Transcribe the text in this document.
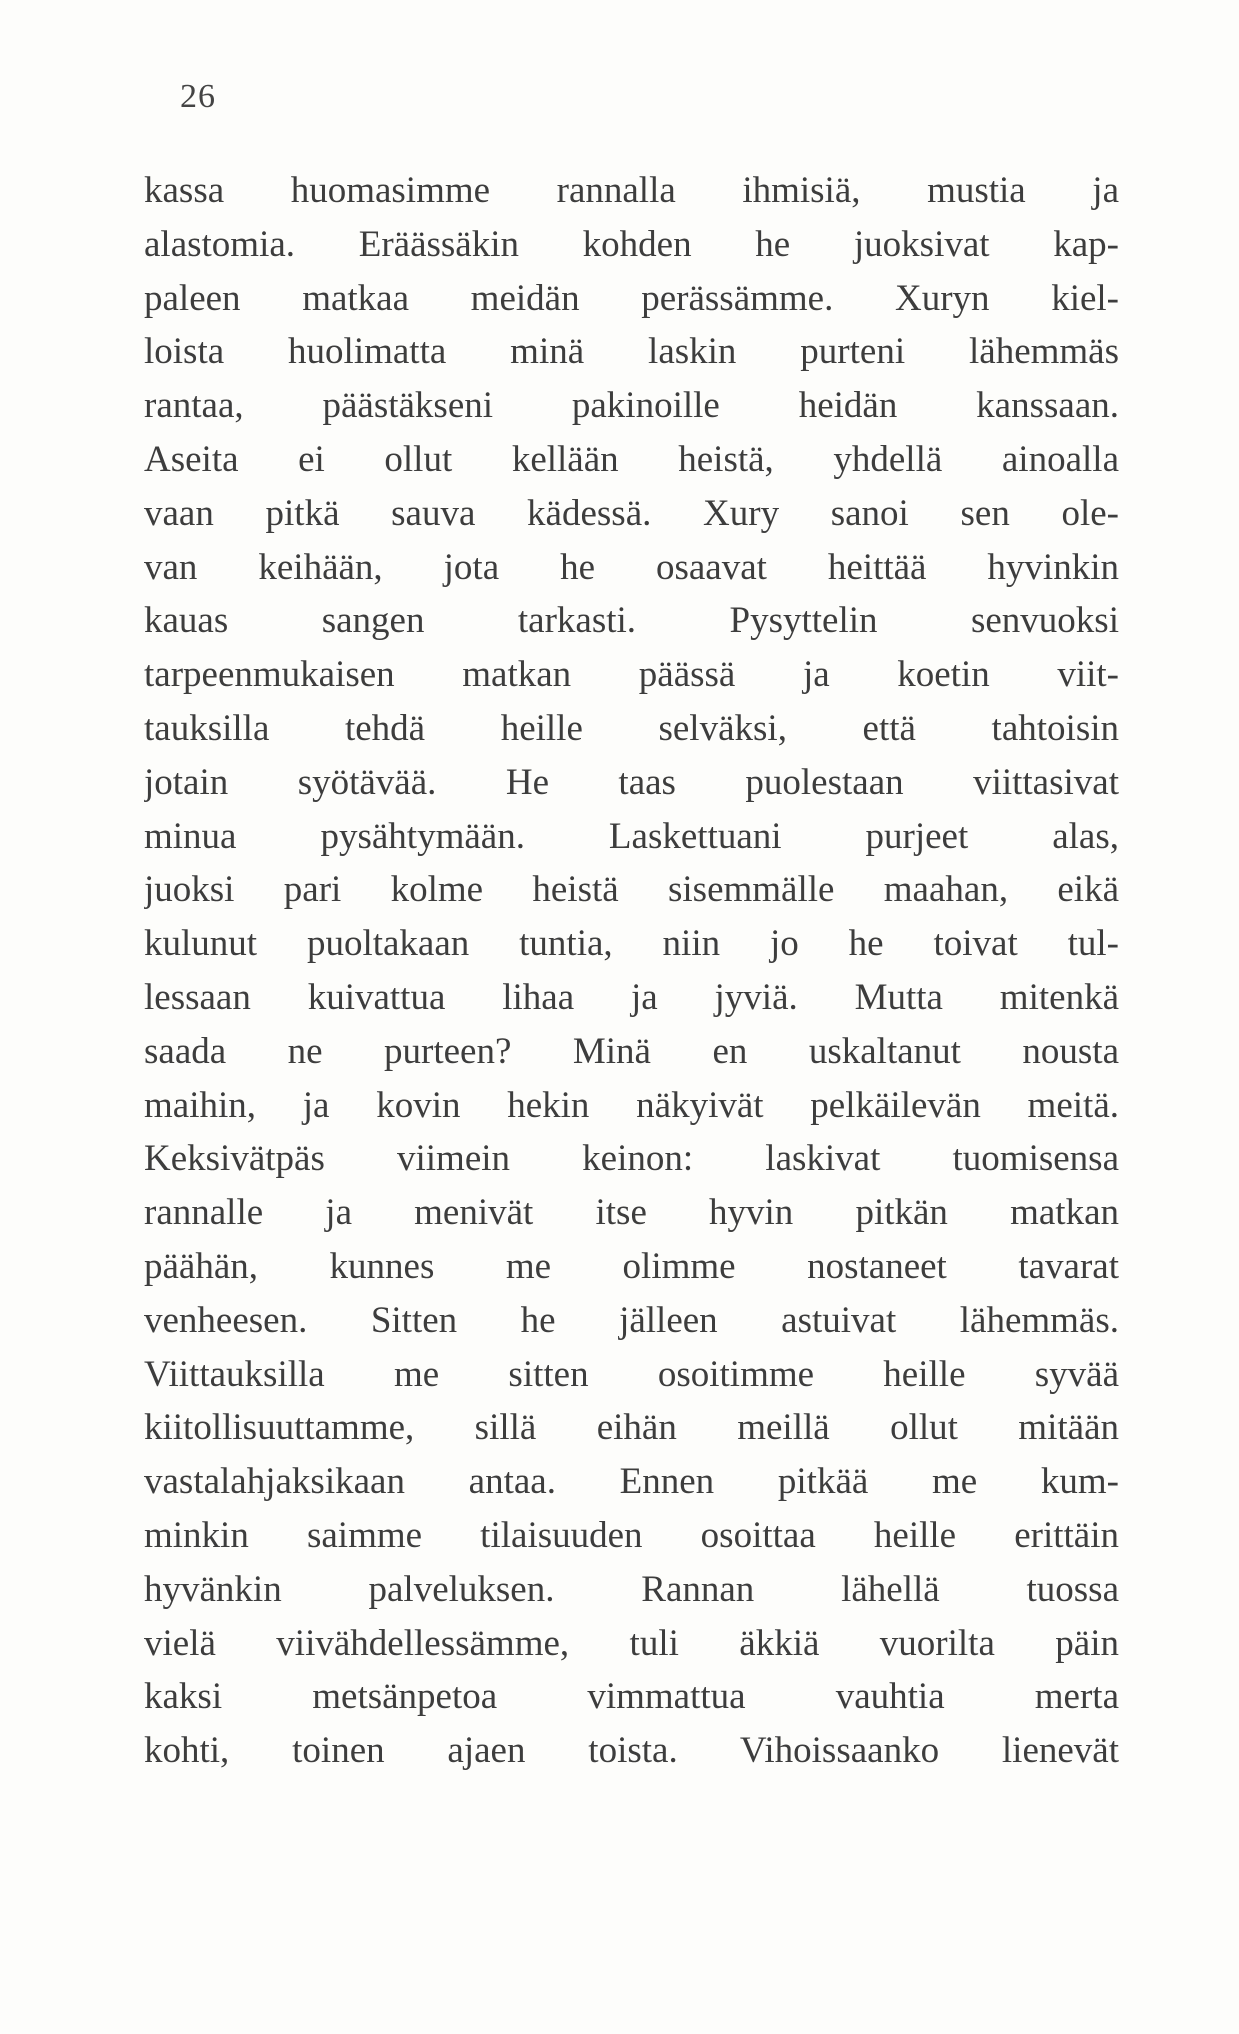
26
kassa huomasimme rannalla ihmisiä, mustia ja
alastomia. Eräässäkin kohden he juoksivat kap-
paleen matkaa meidän perässämme. Xuryn kiel-
loista huolimatta minä laskin purteni lähemmäs
rantaa, päästäkseni pakinoille heidän kanssaan.
Aseita ei ollut kellään heistä, yhdellä ainoalla
vaan pitkä sauva kädessä. Xury sanoi sen ole-
van keihään, jota he osaavat heittää hyvinkin
kauas sangen tarkasti. Pysyttelin senvuoksi
tarpeenmukaisen matkan päässä ja koetin viit-
tauksilla tehdä heille selväksi, että tahtoisin
jotain syötävää. He taas puolestaan viittasivat
minua pysähtymään. Laskettuani purjeet alas,
juoksi pari kolme heistä sisemmälle maahan, eikä
kulunut puoltakaan tuntia, niin jo he toivat tul-
lessaan kuivattua lihaa ja jyviä. Mutta mitenkä
saada ne purteen? Minä en uskaltanut nousta
maihin, ja kovin hekin näkyivät pelkäilevän meitä.
Keksivätpäs viimein keinon: laskivat tuomisensa
rannalle ja menivät itse hyvin pitkän matkan
päähän, kunnes me olimme nostaneet tavarat
venheesen. Sitten he jälleen astuivat lähemmäs.
Viittauksilla me sitten osoitimme heille syvää
kiitollisuuttamme, sillä eihän meillä ollut mitään
vastalahjaksikaan antaa. Ennen pitkää me kum-
minkin saimme tilaisuuden osoittaa heille erittäin
hyvänkin palveluksen. Rannan lähellä tuossa
vielä viivähdellessämme, tuli äkkiä vuorilta päin
kaksi metsänpetoa vimmattua vauhtia merta
kohti, toinen ajaen toista. Vihoissaanko lienevät
